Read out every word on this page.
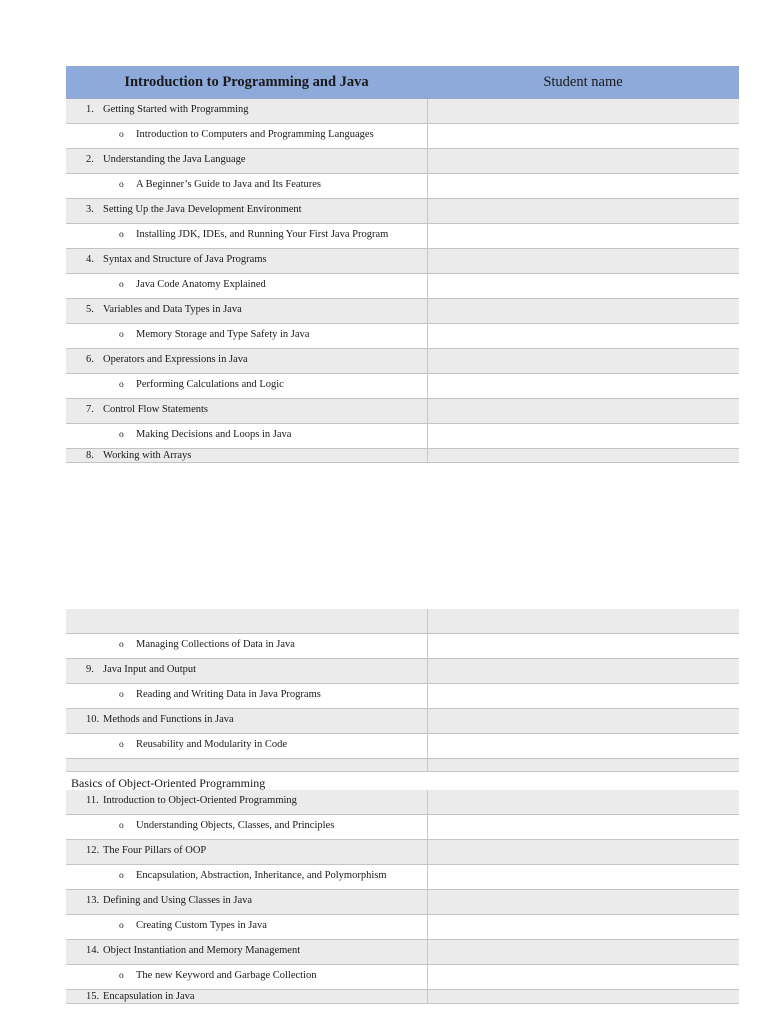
Introduction to Programming and Java	Student name
1. Getting Started with Programming
o Introduction to Computers and Programming Languages
2. Understanding the Java Language
o A Beginner’s Guide to Java and Its Features
3. Setting Up the Java Development Environment
o Installing JDK, IDEs, and Running Your First Java Program
4. Syntax and Structure of Java Programs
o Java Code Anatomy Explained
5. Variables and Data Types in Java
o Memory Storage and Type Safety in Java
6. Operators and Expressions in Java
o Performing Calculations and Logic
7. Control Flow Statements
o Making Decisions and Loops in Java
8. Working with Arrays
o Managing Collections of Data in Java
9. Java Input and Output
o Reading and Writing Data in Java Programs
10. Methods and Functions in Java
o Reusability and Modularity in Code
Basics of Object-Oriented Programming
11. Introduction to Object-Oriented Programming
o Understanding Objects, Classes, and Principles
12. The Four Pillars of OOP
o Encapsulation, Abstraction, Inheritance, and Polymorphism
13. Defining and Using Classes in Java
o Creating Custom Types in Java
14. Object Instantiation and Memory Management
o The new Keyword and Garbage Collection
15. Encapsulation in Java
